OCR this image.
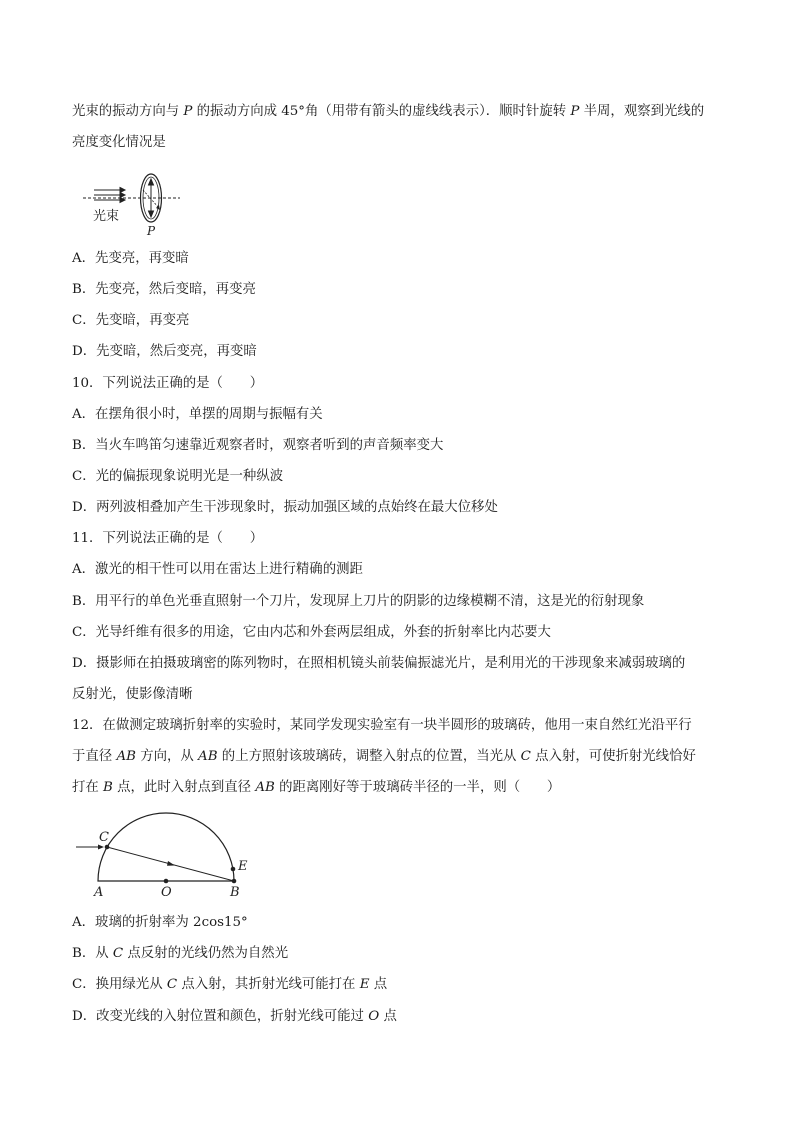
光束的振动方向与 P 的振动方向成 45°角（用带有箭头的虚线线表示）．顺时针旋转 P 半周，观察到光线的
亮度变化情况是
光束
P
A．先变亮，再变暗
B．先变亮，然后变暗，再变亮
C．先变暗，再变亮
D．先变暗，然后变亮，再变暗
10．下列说法正确的是（　　）
A．在摆角很小时，单摆的周期与振幅有关
B．当火车鸣笛匀速靠近观察者时，观察者听到的声音频率变大
C．光的偏振现象说明光是一种纵波
D．两列波相叠加产生干涉现象时，振动加强区域的点始终在最大位移处
11．下列说法正确的是（　　）
A．激光的相干性可以用在雷达上进行精确的测距
B．用平行的单色光垂直照射一个刀片，发现屏上刀片的阴影的边缘模糊不清，这是光的衍射现象
C．光导纤维有很多的用途，它由内芯和外套两层组成，外套的折射率比内芯要大
D．摄影师在拍摄玻璃密的陈列物时，在照相机镜头前装偏振滤光片，是利用光的干涉现象来减弱玻璃的
反射光，使影像清晰
12．在做测定玻璃折射率的实验时，某同学发现实验室有一块半圆形的玻璃砖，他用一束自然红光沿平行
于直径 AB 方向，从 AB 的上方照射该玻璃砖，调整入射点的位置，当光从 C 点入射，可使折射光线恰好
打在 B 点，此时入射点到直径 AB 的距离刚好等于玻璃砖半径的一半，则（　　）
C
A	O	B
E
A．玻璃的折射率为 2cos15°
B．从 C 点反射的光线仍然为自然光
C．换用绿光从 C 点入射，其折射光线可能打在 E 点
D．改变光线的入射位置和颜色，折射光线可能过 O 点
